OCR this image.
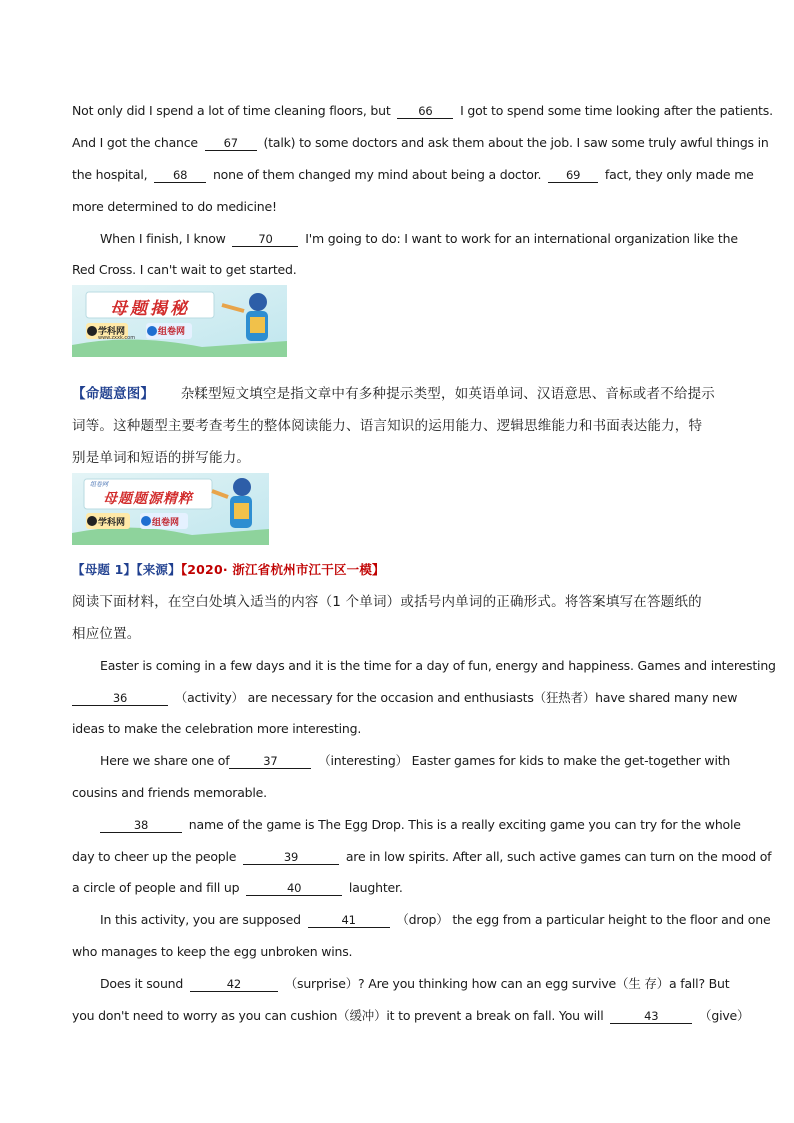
Not only did I spend a lot of time cleaning floors, but 66 I got to spend some time looking after the patients.
And I got the chance 67 (talk) to some doctors and ask them about the job. I saw some truly awful things in
the hospital, 68 none of them changed my mind about being a doctor. 69 fact, they only made me
more determined to do medicine!
When I finish, I know	70	I'm going to do: I want to work for an international organization like the
Red Cross. I can't wait to get started.
母题揭秘
学科网
www.zxxk.com
组卷网
【命题意图】 杂糅型短文填空是指文章中有多种提示类型，如英语单词、汉语意思、音标或者不给提示
词等。这种题型主要考查考生的整体阅读能力、语言知识的运用能力、逻辑思维能力和书面表达能力，特
别是单词和短语的拼写能力。
组卷网
母题题源精粹
学科网	组卷网
【母题 1】【来源】【2020· 浙江省杭州市江干区一模】
阅读下面材料，在空白处填入适当的内容（1 个单词）或括号内单词的正确形式。将答案填写在答题纸的
相应位置。
Easter is coming in a few days and it is the time for a day of fun, energy and happiness. Games and interesting
36	（activity） are necessary for the occasion and enthusiasts（狂热者）have shared many new
ideas to make the celebration more interesting.
Here we share one of	37	（interesting） Easter games for kids to make the get-together with
cousins and friends memorable.
38	name of the game is The Egg Drop. This is a really exciting game you can try for the whole
day to cheer up the people	39	are in low spirits. After all, such active games can turn on the mood of
a circle of people and fill up	40	laughter.
In this activity, you are supposed	41	（drop） the egg from a particular height to the floor and one
who manages to keep the egg unbroken wins.
Does it sound	42	（surprise）? Are you thinking how can an egg survive（生 存）a fall? But
you don't need to worry as you can cushion（缓冲）it to prevent a break on fall. You will	43	（give）
